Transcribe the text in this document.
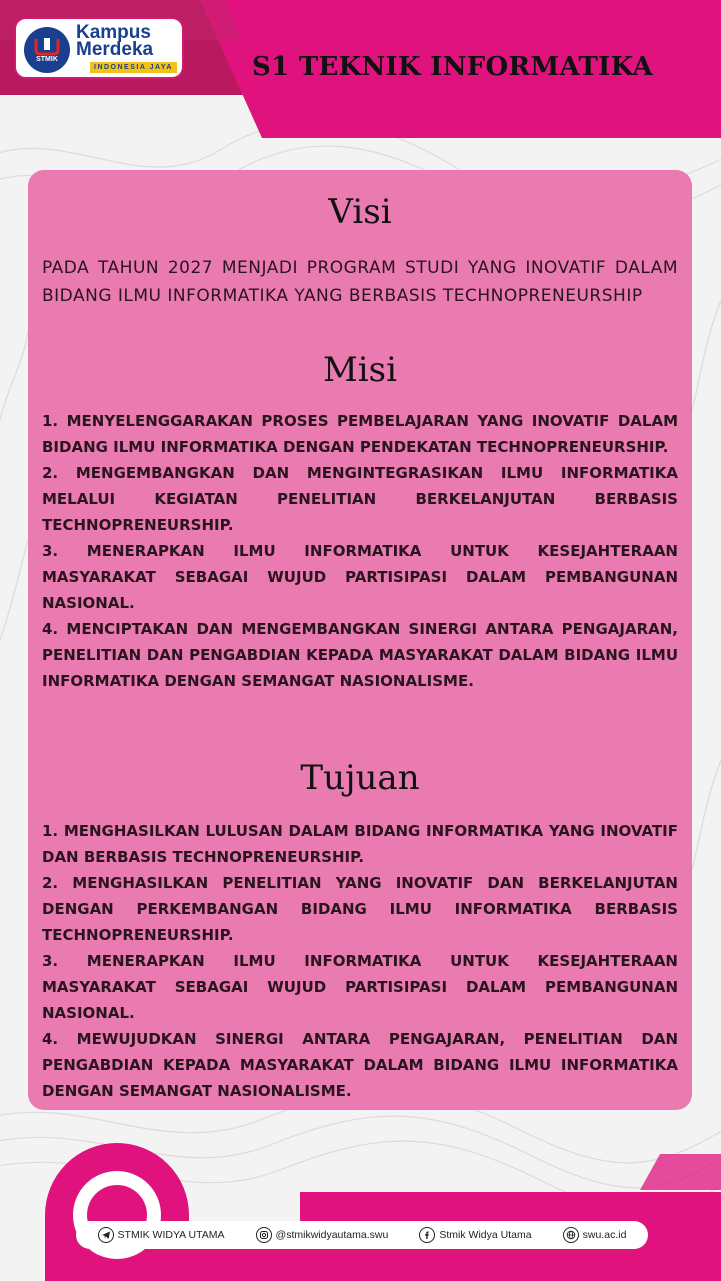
STMIK
Kampus
Merdeka
INDONESIA JAYA	S1 TEKNIK INFORMATIKA
Visi
PADA TAHUN 2027 MENJADI PROGRAM STUDI YANG INOVATIF DALAM BIDANG ILMU INFORMATIKA YANG BERBASIS TECHNOPRENEURSHIP
Misi

1. MENYELENGGARAKAN PROSES PEMBELAJARAN YANG INOVATIF DALAM BIDANG ILMU INFORMATIKA DENGAN PENDEKATAN TECHNOPRENEURSHIP.

2. MENGEMBANGKAN DAN MENGINTEGRASIKAN ILMU INFORMATIKA MELALUI KEGIATAN PENELITIAN BERKELANJUTAN BERBASIS TECHNOPRENEURSHIP.

3. MENERAPKAN ILMU INFORMATIKA UNTUK KESEJAHTERAAN MASYARAKAT SEBAGAI WUJUD PARTISIPASI DALAM PEMBANGUNAN NASIONAL.

4. MENCIPTAKAN DAN MENGEMBANGKAN SINERGI ANTARA PENGAJARAN, PENELITIAN DAN PENGABDIAN KEPADA MASYARAKAT DALAM BIDANG ILMU INFORMATIKA DENGAN SEMANGAT NASIONALISME.

Tujuan

1. MENGHASILKAN LULUSAN DALAM BIDANG INFORMATIKA YANG INOVATIF DAN BERBASIS TECHNOPRENEURSHIP.

2. MENGHASILKAN PENELITIAN YANG INOVATIF DAN BERKELANJUTAN DENGAN PERKEMBANGAN BIDANG ILMU INFORMATIKA BERBASIS TECHNOPRENEURSHIP.

3. MENERAPKAN ILMU INFORMATIKA UNTUK KESEJAHTERAAN MASYARAKAT SEBAGAI WUJUD PARTISIPASI DALAM PEMBANGUNAN NASIONAL.

4. MEWUJUDKAN SINERGI ANTARA PENGAJARAN, PENELITIAN DAN PENGABDIAN KEPADA MASYARAKAT DALAM BIDANG ILMU INFORMATIKA DENGAN SEMANGAT NASIONALISME.

STMIK WIDYA UTAMA	@stmikwidyautama.swu	Stmik Widya Utama	swu.ac.id
